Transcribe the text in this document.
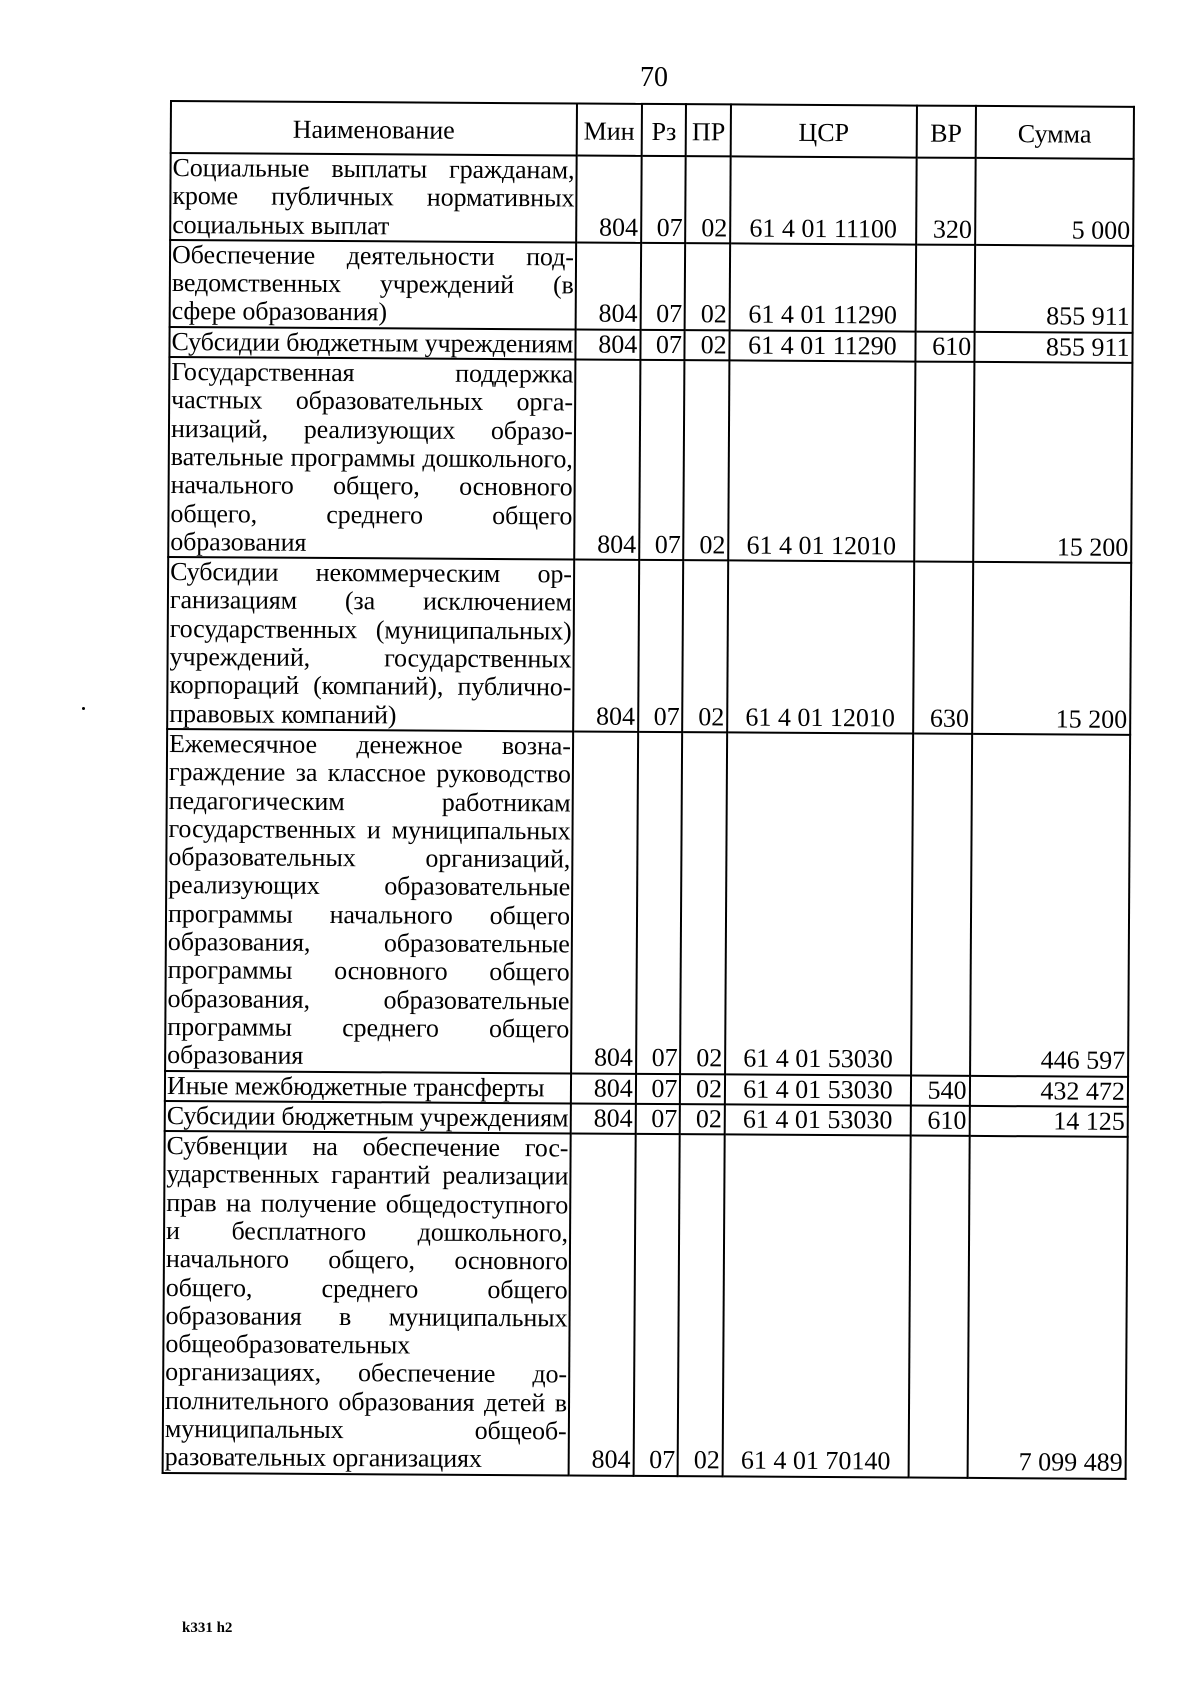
70
Наименование	Мин	Рз	ПР	ЦСР	ВР	Сумма
Социальные выплаты гражданам, кроме публичных нормативных социальных выплат	804	07	02	61 4 01 11100	320	5 000
Обеспечение деятельности подведомственных учреждений (в сфере образования)	804	07	02	61 4 01 11290		855 911
Субсидии бюджетным учреждениям	804	07	02	61 4 01 11290	610	855 911
Государственная поддержка частных образовательных организаций, реализующих образовательные программы дошкольного, начального общего, основного общего, среднего общего образования	804	07	02	61 4 01 12010		15 200
Субсидии некоммерческим организациям (за исключением государственных (муниципальных) учреждений, государственных корпораций (компаний), публично-правовых компаний)	804	07	02	61 4 01 12010	630	15 200
Ежемесячное денежное вознаграждение за классное руководство педагогическим работникам государственных и муниципальных образовательных организаций, реализующих образовательные программы начального общего образования, образовательные программы основного общего образования, образовательные программы среднего общего образования	804	07	02	61 4 01 53030		446 597
Иные межбюджетные трансферты	804	07	02	61 4 01 53030	540	432 472
Субсидии бюджетным учреждениям	804	07	02	61 4 01 53030	610	14 125
Субвенции на обеспечение государственных гарантий реализации прав на получение общедоступного и бесплатного дошкольного, начального общего, основного общего, среднего общего образования в муниципальных общеобразовательных организациях, обеспечение дополнительного образования детей в муниципальных общеобразовательных организациях	804	07	02	61 4 01 70140		7 099 489
k331 h2
